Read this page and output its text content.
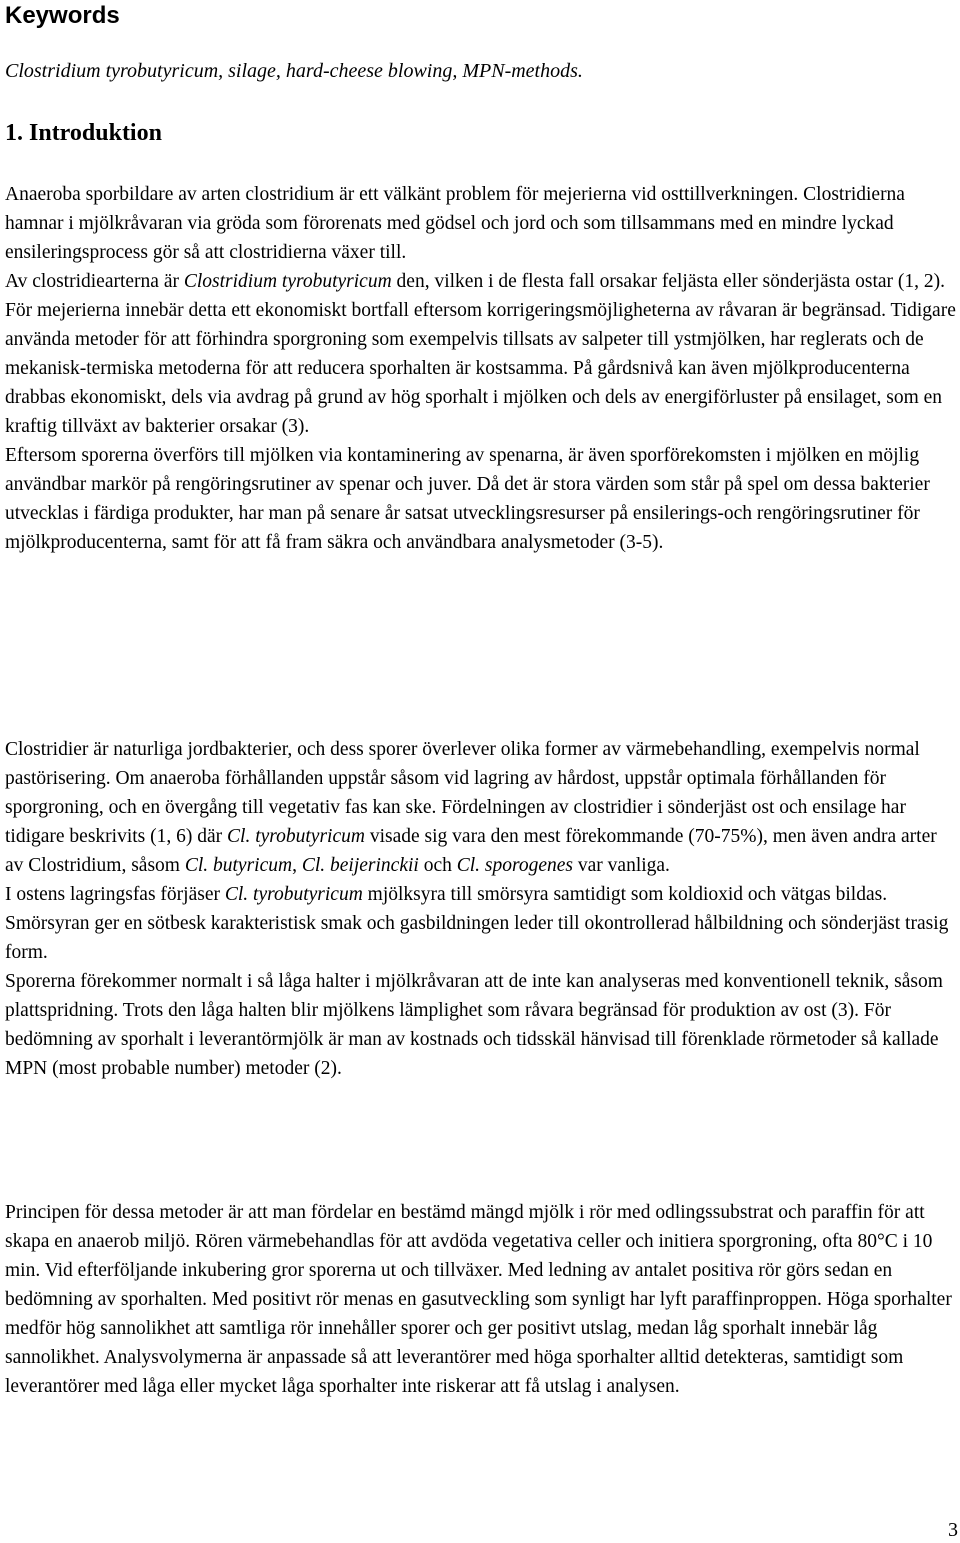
Keywords

Clostridium tyrobutyricum, silage, hard-cheese blowing, MPN-methods.

1. Introduktion

Anaeroba sporbildare av arten clostridium är ett välkänt problem för mejerierna vid osttillverkningen. Clostridierna hamnar i mjölkråvaran via gröda som förorenats med gödsel och jord och som tillsammans med en mindre lyckad ensileringsprocess gör så att clostridierna växer till.

Av clostridiearterna är Clostridium tyrobutyricum den, vilken i de flesta fall orsakar feljästa eller sönderjästa ostar (1, 2). För mejerierna innebär detta ett ekonomiskt bortfall eftersom korrigeringsmöjligheterna av råvaran är begränsad. Tidigare använda metoder för att förhindra sporgroning som exempelvis tillsats av salpeter till ystmjölken, har reglerats och de mekanisk-termiska metoderna för att reducera sporhalten är kostsamma. På gårdsnivå kan även mjölkproducenterna drabbas ekonomiskt, dels via avdrag på grund av hög sporhalt i mjölken och dels av energiförluster på ensilaget, som en kraftig tillväxt av bakterier orsakar (3).

Eftersom sporerna överförs till mjölken via kontaminering av spenarna, är även sporförekomsten i mjölken en möjlig användbar markör på rengöringsrutiner av spenar och juver. Då det är stora värden som står på spel om dessa bakterier utvecklas i färdiga produkter, har man på senare år satsat utvecklingsresurser på ensilerings-och rengöringsrutiner för mjölkproducenterna, samt för att få fram säkra och användbara analysmetoder (3-5).

Clostridier är naturliga jordbakterier, och dess sporer överlever olika former av värmebehandling, exempelvis normal pastörisering. Om anaeroba förhållanden uppstår såsom vid lagring av hårdost, uppstår optimala förhållanden för sporgroning, och en övergång till vegetativ fas kan ske. Fördelningen av clostridier i sönderjäst ost och ensilage har tidigare beskrivits (1, 6) där Cl. tyrobutyricum visade sig vara den mest förekommande (70-75%), men även andra arter av Clostridium, såsom Cl. butyricum, Cl. beijerinckii och Cl. sporogenes var vanliga.

I ostens lagringsfas förjäser Cl. tyrobutyricum mjölksyra till smörsyra samtidigt som koldioxid och vätgas bildas. Smörsyran ger en sötbesk karakteristisk smak och gasbildningen leder till okontrollerad hålbildning och sönderjäst trasig form.

Sporerna förekommer normalt i så låga halter i mjölkråvaran att de inte kan analyseras med konventionell teknik, såsom plattspridning. Trots den låga halten blir mjölkens lämplighet som råvara begränsad för produktion av ost (3). För bedömning av sporhalt i leverantörmjölk är man av kostnads och tidsskäl hänvisad till förenklade rörmetoder så kallade MPN (most probable number) metoder (2).

Principen för dessa metoder är att man fördelar en bestämd mängd mjölk i rör med odlingssubstrat och paraffin för att skapa en anaerob miljö. Rören värmebehandlas för att avdöda vegetativa celler och initiera sporgroning, ofta 80°C i 10 min. Vid efterföljande inkubering gror sporerna ut och tillväxer. Med ledning av antalet positiva rör görs sedan en bedömning av sporhalten. Med positivt rör menas en gasutveckling som synligt har lyft paraffinproppen. Höga sporhalter medför hög sannolikhet att samtliga rör innehåller sporer och ger positivt utslag, medan låg sporhalt innebär låg sannolikhet. Analysvolymerna är anpassade så att leverantörer med höga sporhalter alltid detekteras, samtidigt som leverantörer med låga eller mycket låga sporhalter inte riskerar att få utslag i analysen.

3
